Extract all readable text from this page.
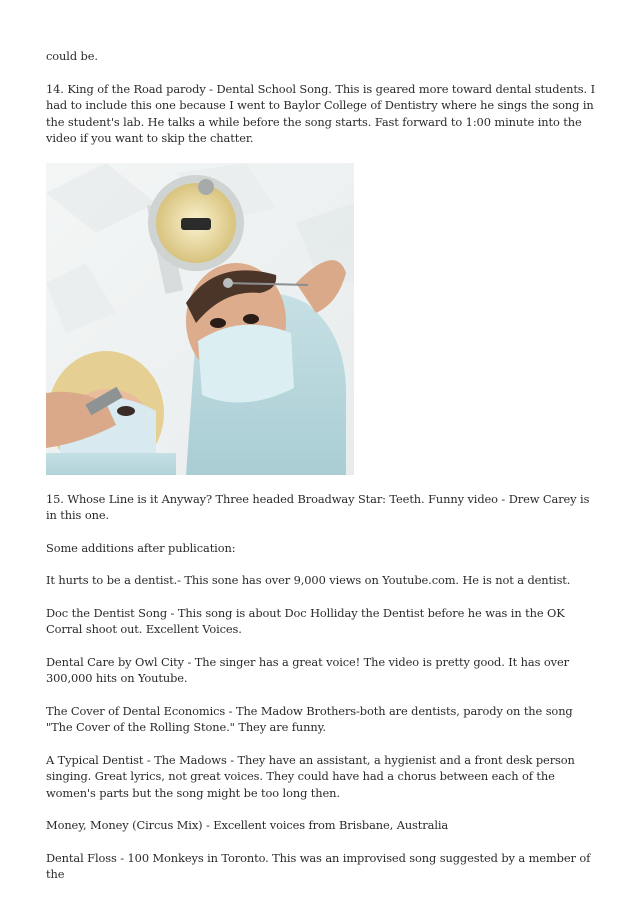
could be.

14. King of the Road parody - Dental School Song. This is geared more toward dental students. I had to include this one because I went to Baylor College of Dentistry where he sings the song in the student's lab. He talks a while before the song starts. Fast forward to 1:00 minute into the video if you want to skip the chatter.

15. Whose Line is it Anyway? Three headed Broadway Star: Teeth. Funny video - Drew Carey is in this one.

Some additions after publication:

It hurts to be a dentist.- This sone has over 9,000 views on Youtube.com. He is not a dentist.

Doc the Dentist Song - This song is about Doc Holliday the Dentist before he was in the OK Corral shoot out. Excellent Voices.

Dental Care by Owl City - The singer has a great voice! The video is pretty good. It has over 300,000 hits on Youtube.

The Cover of Dental Economics - The Madow Brothers-both are dentists, parody on the song "The Cover of the Rolling Stone." They are funny.

A Typical Dentist - The Madows - They have an assistant, a hygienist and a front desk person singing. Great lyrics, not great voices. They could have had a chorus between each of the women's parts but the song might be too long then.

Money, Money (Circus Mix) - Excellent voices from Brisbane, Australia

Dental Floss - 100 Monkeys in Toronto. This was an improvised song suggested by a member of the
